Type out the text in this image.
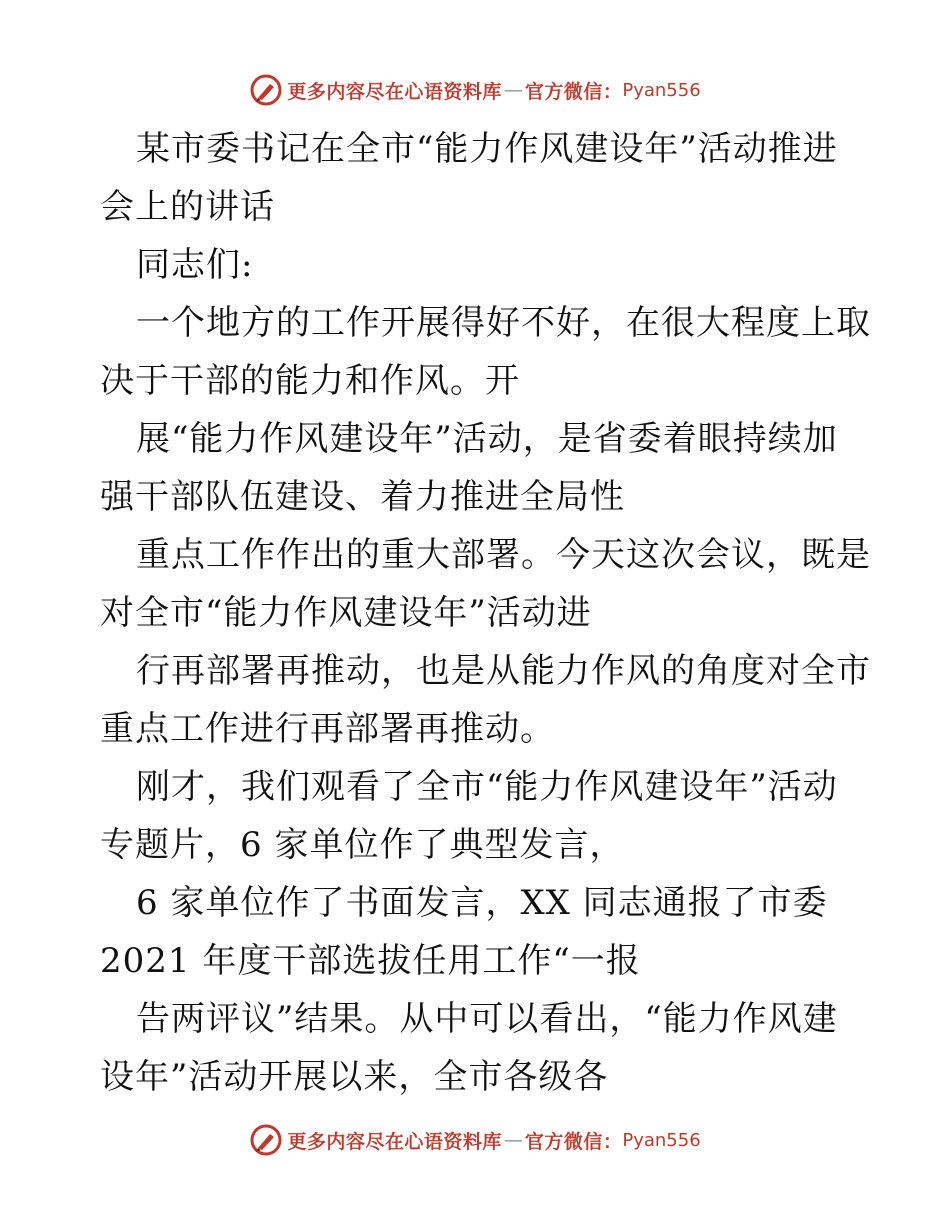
更多内容尽在心语资料库 — 官方微信： Pyan556
某市委书记在全市“能力作风建设年”活动推进
会上的讲话
同志们:
一个地方的工作开展得好不好，在很大程度上取
决于干部的能力和作风。开
展“能力作风建设年”活动，是省委着眼持续加
强干部队伍建设、着力推进全局性
重点工作作出的重大部署。今天这次会议，既是
对全市“能力作风建设年”活动进
行再部署再推动，也是从能力作风的角度对全市
重点工作进行再部署再推动。
刚才，我们观看了全市“能力作风建设年”活动
专题片，6 家单位作了典型发言，
6 家单位作了书面发言，XX 同志通报了市委
2021 年度干部选拔任用工作“一报
告两评议”结果。从中可以看出，“能力作风建
设年”活动开展以来，全市各级各
更多内容尽在心语资料库 — 官方微信： Pyan556
